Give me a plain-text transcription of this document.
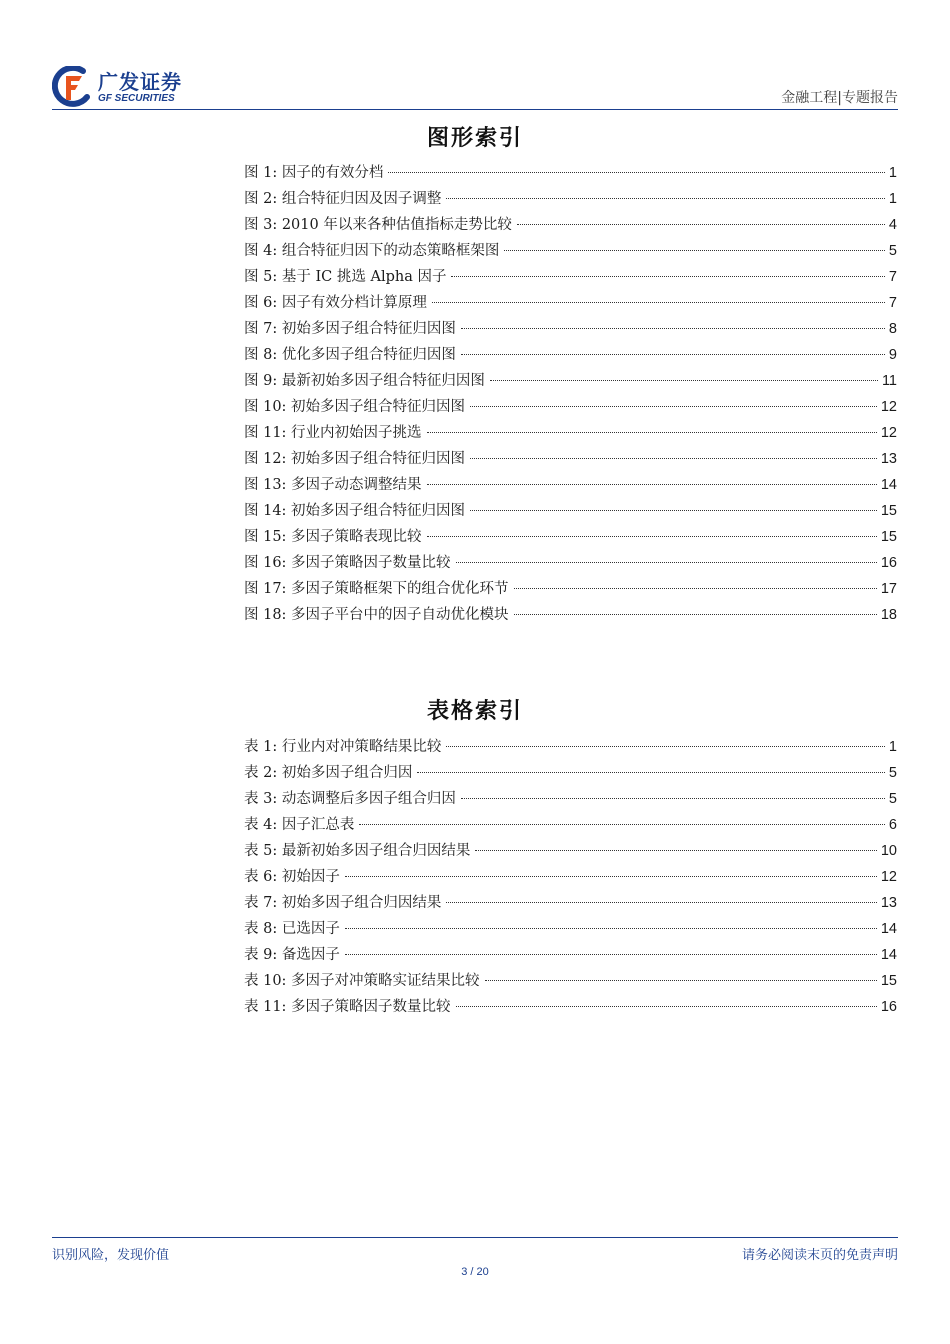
广发证券
GF SECURITIES	金融工程|专题报告
图形索引
图 1: 因子的有效分档	1
图 2: 组合特征归因及因子调整	1
图 3: 2010 年以来各种估值指标走势比较	4
图 4: 组合特征归因下的动态策略框架图	5
图 5: 基于 IC 挑选 Alpha 因子	7
图 6: 因子有效分档计算原理	7
图 7: 初始多因子组合特征归因图	8
图 8: 优化多因子组合特征归因图	9
图 9: 最新初始多因子组合特征归因图	11
图 10: 初始多因子组合特征归因图	12
图 11: 行业内初始因子挑选	12
图 12: 初始多因子组合特征归因图	13
图 13: 多因子动态调整结果	14
图 14: 初始多因子组合特征归因图	15
图 15: 多因子策略表现比较	15
图 16: 多因子策略因子数量比较	16
图 17: 多因子策略框架下的组合优化环节	17
图 18: 多因子平台中的因子自动优化模块	18
表格索引
表 1: 行业内对冲策略结果比较	1
表 2: 初始多因子组合归因	5
表 3: 动态调整后多因子组合归因	5
表 4: 因子汇总表	6
表 5: 最新初始多因子组合归因结果	10
表 6: 初始因子	12
表 7: 初始多因子组合归因结果	13
表 8: 已选因子	14
表 9: 备选因子	14
表 10: 多因子对冲策略实证结果比较	15
表 11: 多因子策略因子数量比较	16
识别风险，发现价值	请务必阅读末页的免责声明
3 / 20
